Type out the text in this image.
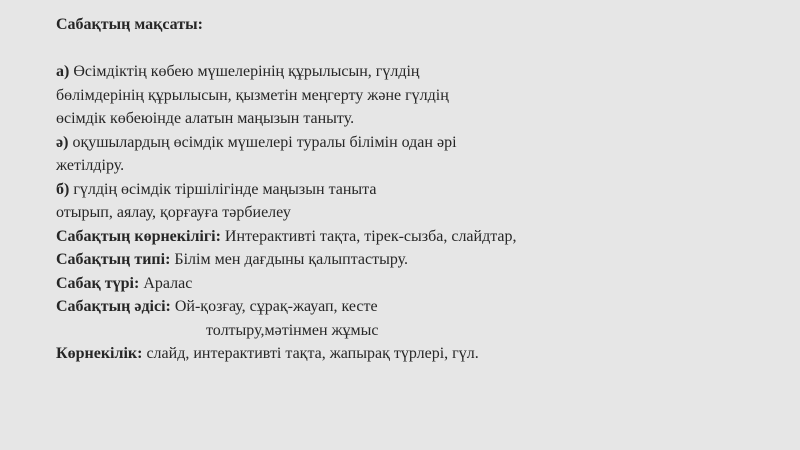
Сабақтың мақсаты:
а) Өсімдіктің көбею мүшелерінің құрылысын, гүлдің
бөлімдерінің құрылысын, қызметін меңгерту және гүлдің
өсімдік көбеюінде алатын маңызын таныту.
ә) оқушылардың өсімдік мүшелері туралы білімін одан әрі
жетілдіру.
б) гүлдің өсімдік тіршілігінде маңызын таныта
отырып, аялау, қорғауға тәрбиелеу
Сабақтың көрнекілігі: Интерактивті тақта, тірек-сызба, слайдтар,
Сабақтың типі: Білім мен дағдыны қалыптастыру.
Сабақ түрі: Аралас
Сабақтың әдісі: Ой-қозғау, сұрақ-жауап, кесте
толтыру,мәтінмен жұмыс
Көрнекілік: слайд, интерактивті тақта, жапырақ түрлері, гүл.
